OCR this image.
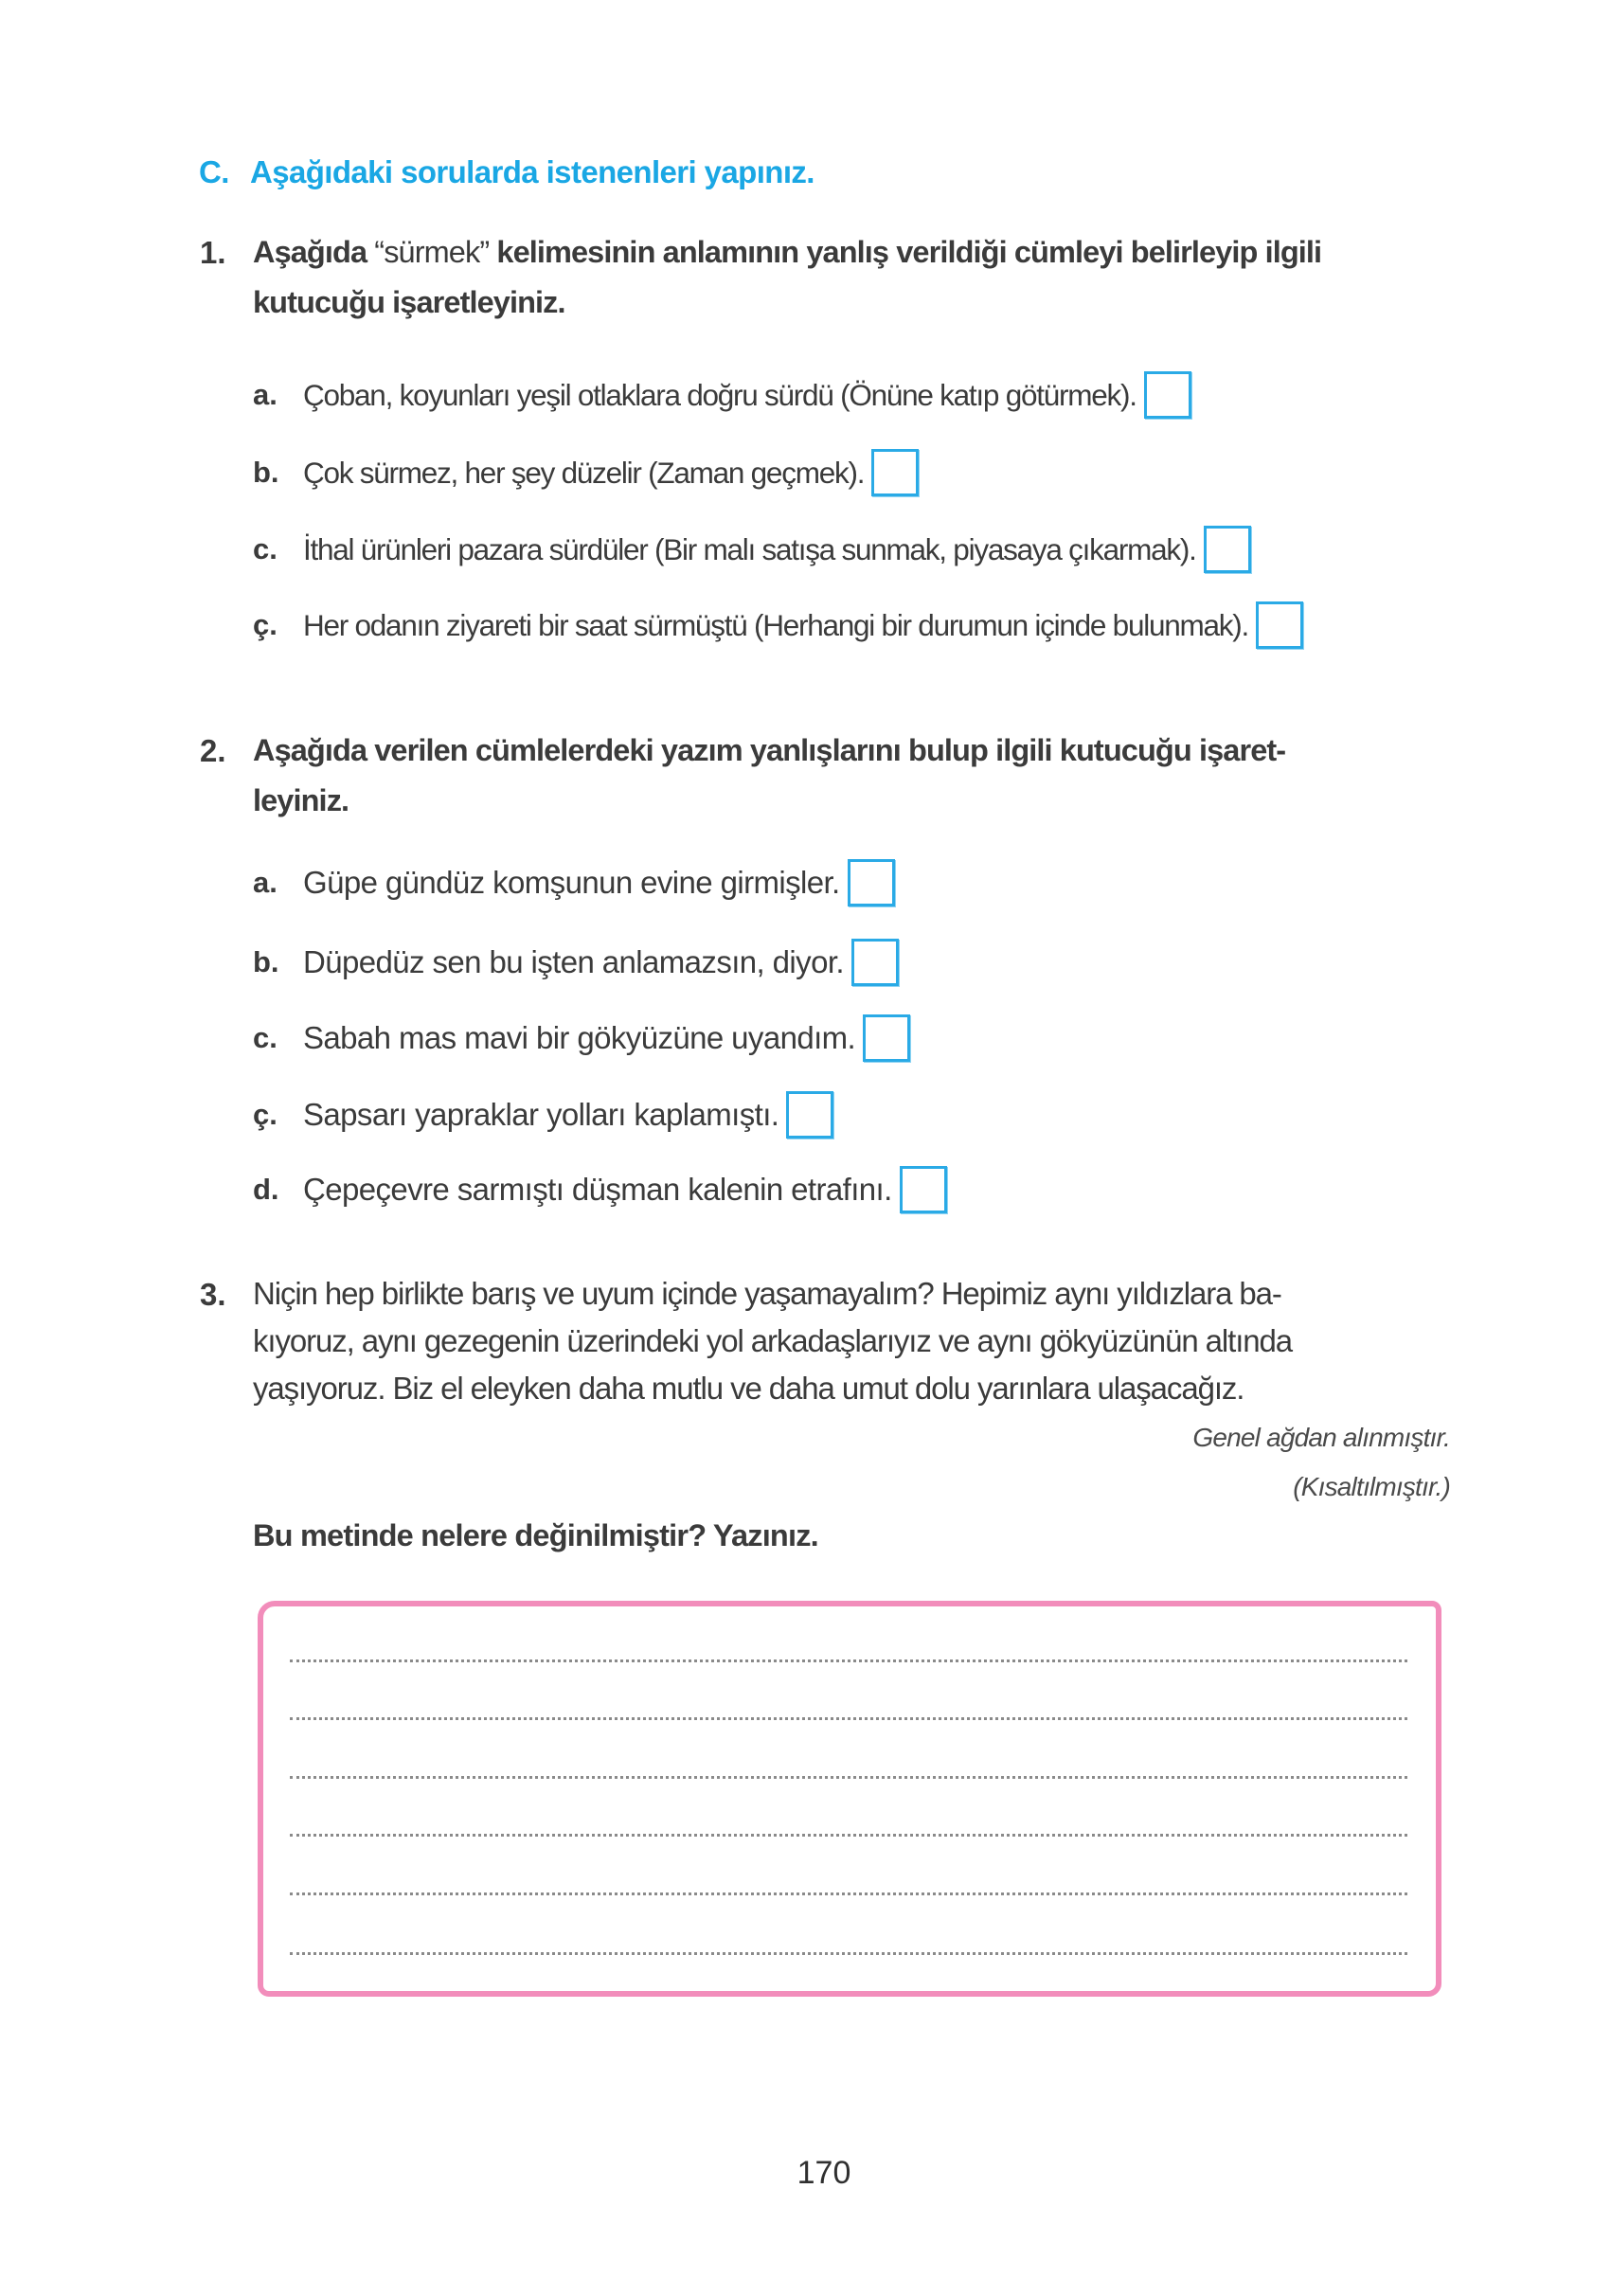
C. Aşağıdaki sorularda istenenleri yapınız.
1. Aşağıda “sürmek” kelimesinin anlamının yanlış verildiği cümleyi belirleyip ilgili kutucuğu işaretleyiniz.
a. Çoban, koyunları yeşil otlaklara doğru sürdü (Önüne katıp götürmek).
b. Çok sürmez, her şey düzelir (Zaman geçmek).
c. İthal ürünleri pazara sürdüler (Bir malı satışa sunmak, piyasaya çıkarmak).
ç. Her odanın ziyareti bir saat sürmüştü (Herhangi bir durumun içinde bulunmak).
2. Aşağıda verilen cümlelerdeki yazım yanlışlarını bulup ilgili kutucuğu işaret-
leyiniz.
a. Güpe gündüz komşunun evine girmişler.
b. Düpedüz sen bu işten anlamazsın, diyor.
c. Sabah mas mavi bir gökyüzüne uyandım.
ç. Sapsarı yapraklar yolları kaplamıştı.
d. Çepeçevre sarmıştı düşman kalenin etrafını.
3. Niçin hep birlikte barış ve uyum içinde yaşamayalım? Hepimiz aynı yıldızlara ba-
kıyoruz, aynı gezegenin üzerindeki yol arkadaşlarıyız ve aynı gökyüzünün altında
yaşıyoruz. Biz el eleyken daha mutlu ve daha umut dolu yarınlara ulaşacağız.
Genel ağdan alınmıştır.
(Kısaltılmıştır.)
Bu metinde nelere değinilmiştir? Yazınız.
170
